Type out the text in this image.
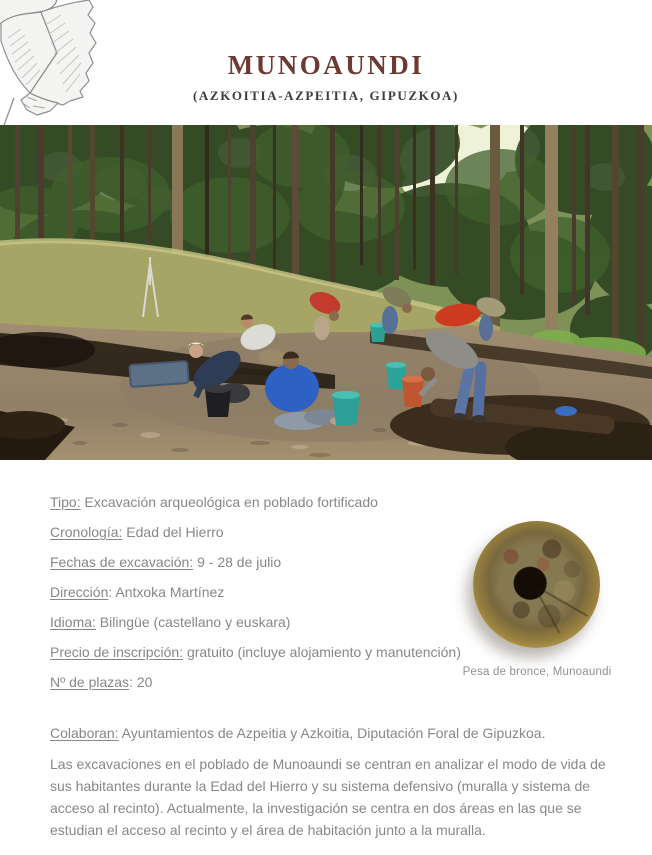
MUNOAUNDI
(AZKOITIA-AZPEITIA, GIPUZKOA)
Tipo: Excavación arqueológica en poblado fortificado
Cronología: Edad del Hierro
Fechas de excavación: 9 - 28 de julio
Dirección: Antxoka Martínez
Idioma: Bilingüe (castellano y euskara)
Precio de inscripción: gratuito (incluye alojamiento y manutención)
Nº de plazas: 20
Pesa de bronce, Munoaundi
Colaboran: Ayuntamientos de Azpeitia y Azkoitia, Diputación Foral de Gipuzkoa.
Las excavaciones en el poblado de Munoaundi se centran en analizar el modo de vida de sus habitantes durante la Edad del Hierro y su sistema defensivo (muralla y sistema de acceso al recinto). Actualmente, la investigación se centra en dos áreas en las que se estudian el acceso al recinto y el área de habitación junto a la muralla.
